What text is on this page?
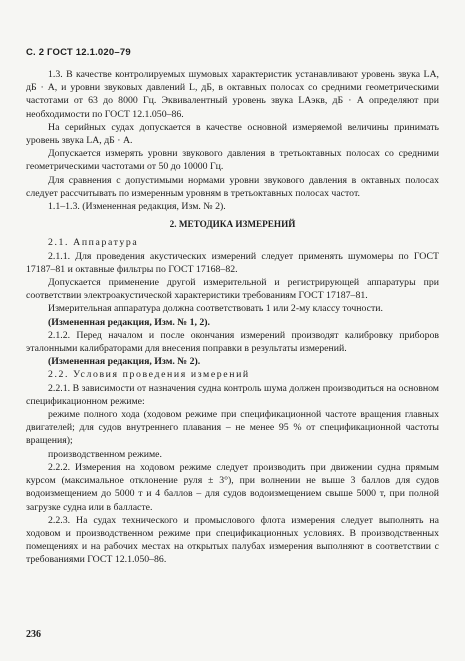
С. 2 ГОСТ 12.1.020–79

1.3. В качестве контролируемых шумовых характеристик устанавливают уровень звука LA, дБ · А, и уровни звуковых давлений L, дБ, в октавных полосах со средними геометрическими частотами от 63 до 8000 Гц. Эквивалентный уровень звука LAэкв, дБ · А определяют при необходимости по ГОСТ 12.1.050–86.

На серийных судах допускается в качестве основной измеряемой величины принимать уровень звука LA, дБ · А.

Допускается измерять уровни звукового давления в третьоктавных полосах со средними геометрическими частотами от 50 до 10000 Гц.

Для сравнения с допустимыми нормами уровни звукового давления в октавных полосах следует рассчитывать по измеренным уровням в третьоктавных полосах частот.

1.1–1.3. (Измененная редакция, Изм. № 2).

2. МЕТОДИКА ИЗМЕРЕНИЙ

2.1. Аппаратура

2.1.1. Для проведения акустических измерений следует применять шумомеры по ГОСТ 17187–81 и октавные фильтры по ГОСТ 17168–82.

Допускается применение другой измерительной и регистрирующей аппаратуры при соответствии электроакустической характеристики требованиям ГОСТ 17187–81.

Измерительная аппаратура должна соответствовать 1 или 2-му классу точности.

(Измененная редакция, Изм. № 1, 2).

2.1.2. Перед началом и после окончания измерений производят калибровку приборов эталонными калибраторами для внесения поправки в результаты измерений.

(Измененная редакция, Изм. № 2).

2.2. Условия проведения измерений

2.2.1. В зависимости от назначения судна контроль шума должен производиться на основном спецификационном режиме:

режиме полного хода (ходовом режиме при спецификационной частоте вращения главных двигателей; для судов внутреннего плавания – не менее 95 % от спецификационной частоты вращения);

производственном режиме.

2.2.2. Измерения на ходовом режиме следует производить при движении судна прямым курсом (максимальное отклонение руля ± 3°), при волнении не выше 3 баллов для судов водоизмещением до 5000 т и 4 баллов – для судов водоизмещением свыше 5000 т, при полной загрузке судна или в балласте.

2.2.3. На судах технического и промыслового флота измерения следует выполнять на ходовом и производственном режиме при спецификационных условиях. В производственных помещениях и на рабочих местах на открытых палубах измерения выполняют в соответствии с требованиями ГОСТ 12.1.050–86.

236
